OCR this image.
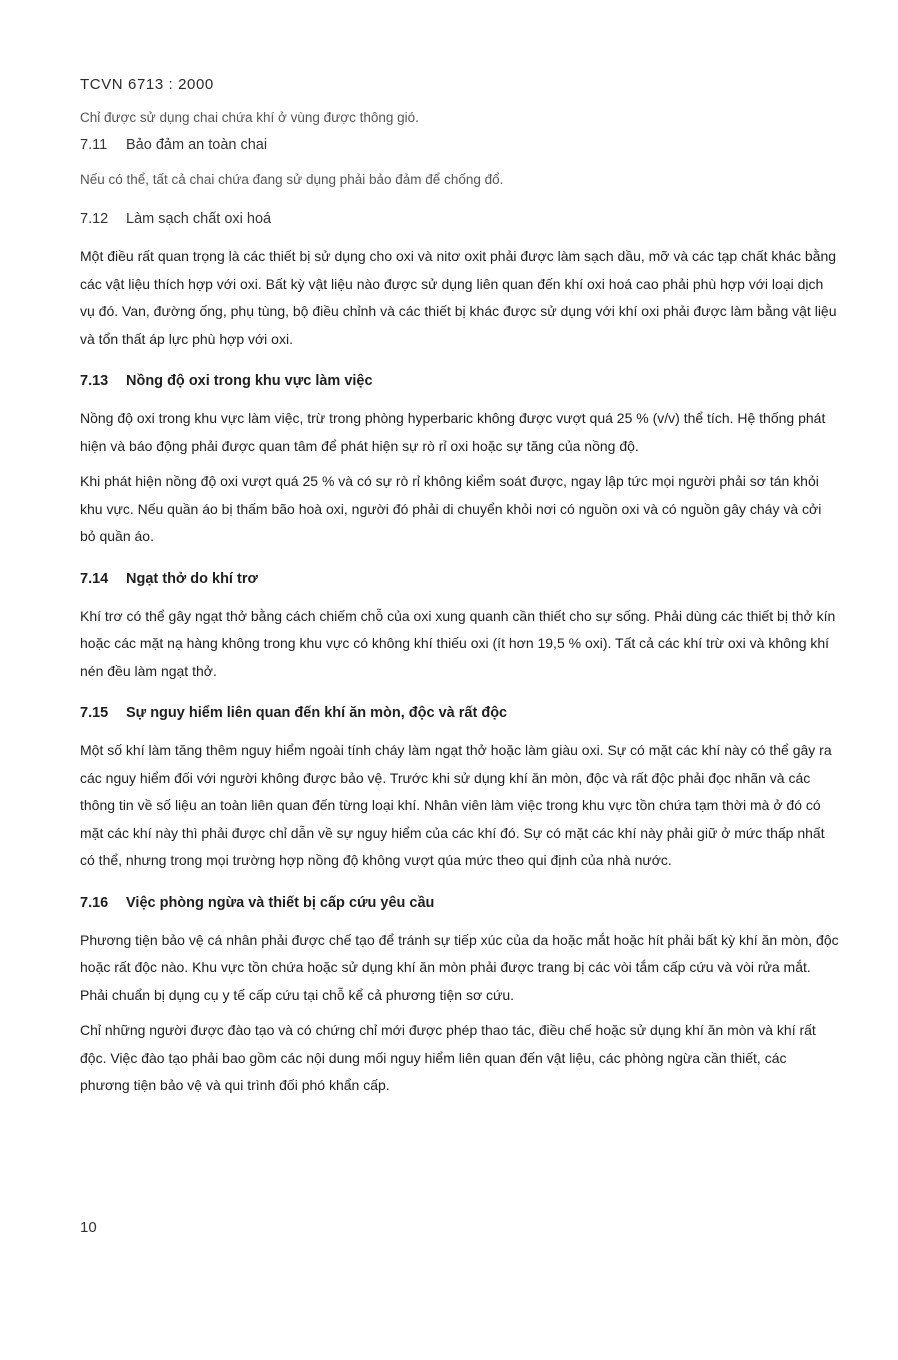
TCVN 6713 : 2000

Chỉ được sử dụng chai chứa khí ở vùng được thông gió.

7.11 Bảo đảm an toàn chai

Nếu có thể, tất cả chai chứa đang sử dụng phải bảo đảm để chống đổ.

7.12 Làm sạch chất oxi hoá

Một điều rất quan trọng là các thiết bị sử dụng cho oxi và nitơ oxit phải được làm sạch dầu, mỡ và các tạp chất khác bằng các vật liệu thích hợp với oxi. Bất kỳ vật liệu nào được sử dụng liên quan đến khí oxi hoá cao phải phù hợp với loại dịch vụ đó. Van, đường ống, phụ tùng, bộ điều chỉnh và các thiết bị khác được sử dụng với khí oxi phải được làm bằng vật liệu và tổn thất áp lực phù hợp với oxi.

7.13 Nồng độ oxi trong khu vực làm việc

Nồng độ oxi trong khu vực làm việc, trừ trong phòng hyperbaric không được vượt quá 25 % (v/v) thể tích. Hệ thống phát hiện và báo động phải được quan tâm để phát hiện sự rò rỉ oxi hoặc sự tăng của nồng độ.

Khi phát hiện nồng độ oxi vượt quá 25 % và có sự rò rỉ không kiểm soát được, ngay lập tức mọi người phải sơ tán khỏi khu vực. Nếu quần áo bị thấm bão hoà oxi, người đó phải di chuyển khỏi nơi có nguồn oxi và có nguồn gây cháy và cởi bỏ quần áo.

7.14 Ngạt thở do khí trơ

Khí trơ có thể gây ngạt thở bằng cách chiếm chỗ của oxi xung quanh cần thiết cho sự sống. Phải dùng các thiết bị thở kín hoặc các mặt nạ hàng không trong khu vực có không khí thiếu oxi (ít hơn 19,5 % oxi). Tất cả các khí trừ oxi và không khí nén đều làm ngạt thở.

7.15 Sự nguy hiểm liên quan đến khí ăn mòn, độc và rất độc

Một số khí làm tăng thêm nguy hiểm ngoài tính cháy làm ngạt thở hoặc làm giàu oxi. Sự có mặt các khí này có thể gây ra các nguy hiểm đối với người không được bảo vệ. Trước khi sử dụng khí ăn mòn, độc và rất độc phải đọc nhãn và các thông tin về số liệu an toàn liên quan đến từng loại khí. Nhân viên làm việc trong khu vực tồn chứa tạm thời mà ở đó có mặt các khí này thì phải được chỉ dẫn về sự nguy hiểm của các khí đó. Sự có mặt các khí này phải giữ ở mức thấp nhất có thể, nhưng trong mọi trường hợp nồng độ không vượt qúa mức theo qui định của nhà nước.

7.16 Việc phòng ngừa và thiết bị cấp cứu yêu cầu

Phương tiện bảo vệ cá nhân phải được chế tạo để tránh sự tiếp xúc của da hoặc mắt hoặc hít phải bất kỳ khí ăn mòn, độc hoặc rất độc nào. Khu vực tồn chứa hoặc sử dụng khí ăn mòn phải được trang bị các vòi tắm cấp cứu và vòi rửa mắt. Phải chuẩn bị dụng cụ y tế cấp cứu tại chỗ kể cả phương tiện sơ cứu.

Chỉ những người được đào tạo và có chứng chỉ mới được phép thao tác, điều chế hoặc sử dụng khí ăn mòn và khí rất độc. Việc đào tạo phải bao gồm các nội dung mối nguy hiểm liên quan đến vật liệu, các phòng ngừa cần thiết, các phương tiện bảo vệ và qui trình đối phó khẩn cấp.

10
